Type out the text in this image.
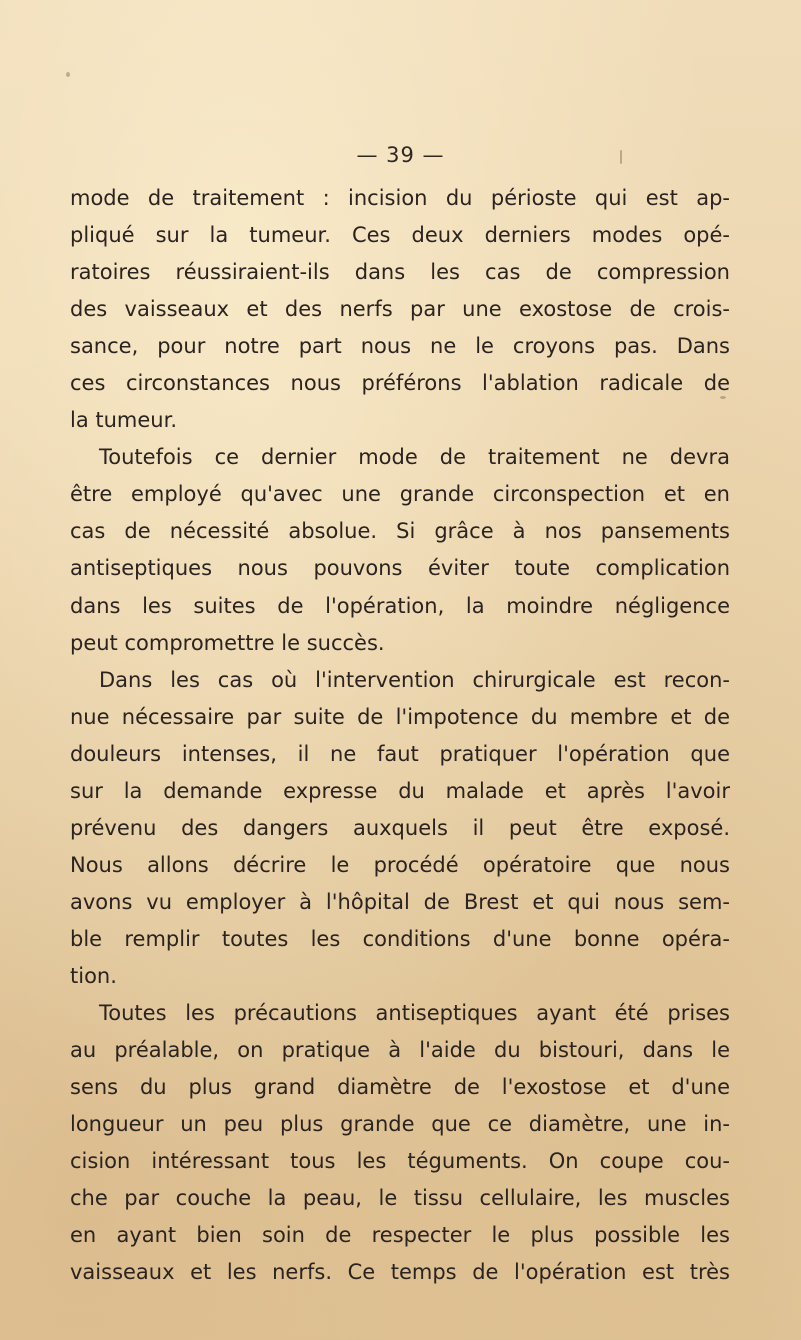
— 39 —
mode de traitement : incision du périoste qui est ap-
pliqué sur la tumeur. Ces deux derniers modes opé-
ratoires réussiraient-ils dans les cas de compression
des vaisseaux et des nerfs par une exostose de crois-
sance, pour notre part nous ne le croyons pas. Dans
ces circonstances nous préférons l'ablation radicale de
la tumeur.
Toutefois ce dernier mode de traitement ne devra
être employé qu'avec une grande circonspection et en
cas de nécessité absolue. Si grâce à nos pansements
antiseptiques nous pouvons éviter toute complication
dans les suites de l'opération, la moindre négligence
peut compromettre le succès.
Dans les cas où l'intervention chirurgicale est recon-
nue nécessaire par suite de l'impotence du membre et de
douleurs intenses, il ne faut pratiquer l'opération que
sur la demande expresse du malade et après l'avoir
prévenu des dangers auxquels il peut être exposé.
Nous allons décrire le procédé opératoire que nous
avons vu employer à l'hôpital de Brest et qui nous sem-
ble remplir toutes les conditions d'une bonne opéra-
tion.
Toutes les précautions antiseptiques ayant été prises
au préalable, on pratique à l'aide du bistouri, dans le
sens du plus grand diamètre de l'exostose et d'une
longueur un peu plus grande que ce diamètre, une in-
cision intéressant tous les téguments. On coupe cou-
che par couche la peau, le tissu cellulaire, les muscles
en ayant bien soin de respecter le plus possible les
vaisseaux et les nerfs. Ce temps de l'opération est très
